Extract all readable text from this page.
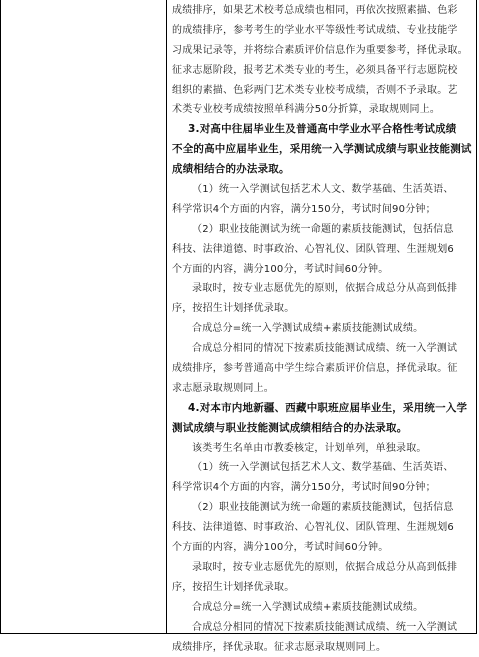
成绩排序，如果艺术校考总成绩也相同，再依次按照素描、色彩
的成绩排序，参考考生的学业水平等级性考试成绩、专业技能学
习成果记录等，并将综合素质评价信息作为重要参考，择优录取。
征求志愿阶段，报考艺术类专业的考生，必须具备平行志愿院校
组织的素描、色彩两门艺术类专业校考成绩，否则不予录取。艺
术类专业校考成绩按照单科满分50分折算，录取规则同上。
3.对高中往届毕业生及普通高中学业水平合格性考试成绩
不全的高中应届毕业生，采用统一入学测试成绩与职业技能测试
成绩相结合的办法录取。
（1）统一入学测试包括艺术人文、数学基础、生活英语、
科学常识4个方面的内容，满分150分，考试时间90分钟；
（2）职业技能测试为统一命题的素质技能测试，包括信息
科技、法律道德、时事政治、心智礼仪、团队管理、生涯规划6
个方面的内容，满分100分，考试时间60分钟。
录取时，按专业志愿优先的原则，依据合成总分从高到低排
序，按招生计划择优录取。
合成总分=统一入学测试成绩+素质技能测试成绩。
合成总分相同的情况下按素质技能测试成绩、统一入学测试
成绩排序，参考普通高中学生综合素质评价信息，择优录取。征
求志愿录取规则同上。
4.对本市内地新疆、西藏中职班应届毕业生，采用统一入学
测试成绩与职业技能测试成绩相结合的办法录取。
该类考生名单由市教委核定，计划单列，单独录取。
（1）统一入学测试包括艺术人文、数学基础、生活英语、
科学常识4个方面的内容，满分150分，考试时间90分钟；
（2）职业技能测试为统一命题的素质技能测试，包括信息
科技、法律道德、时事政治、心智礼仪、团队管理、生涯规划6
个方面的内容，满分100分，考试时间60分钟。
录取时，按专业志愿优先的原则，依据合成总分从高到低排
序，按招生计划择优录取。
合成总分=统一入学测试成绩+素质技能测试成绩。
合成总分相同的情况下按素质技能测试成绩、统一入学测试
成绩排序，择优录取。征求志愿录取规则同上。
